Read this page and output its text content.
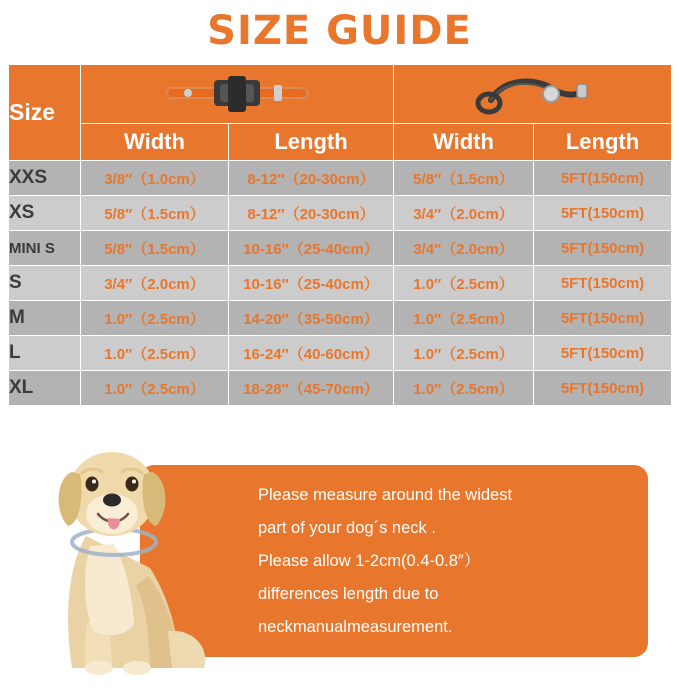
SIZE GUIDE
Size	

	Width	Length	Width	Length
XXS	3/8″（1.0cm）	8-12″（20-30cm）	5/8″（1.5cm）	5FT(150cm)
XS	5/8″（1.5cm）	8-12″（20-30cm）	3/4″（2.0cm）	5FT(150cm)
MINI S	5/8″（1.5cm）	10-16″（25-40cm）	3/4″（2.0cm）	5FT(150cm)
S	3/4″（2.0cm）	10-16″（25-40cm）	1.0″（2.5cm）	5FT(150cm)
M	1.0″（2.5cm）	14-20″（35-50cm）	1.0″（2.5cm）	5FT(150cm)
L	1.0″（2.5cm）	16-24″（40-60cm）	1.0″（2.5cm）	5FT(150cm)
XL	1.0″（2.5cm）	18-28″（45-70cm）	1.0″（2.5cm）	5FT(150cm)
Please measure around the widest
part of your dog´s neck .
Please allow 1-2cm(0.4-0.8″）
differences length due to
neckmanualmeasurement.
